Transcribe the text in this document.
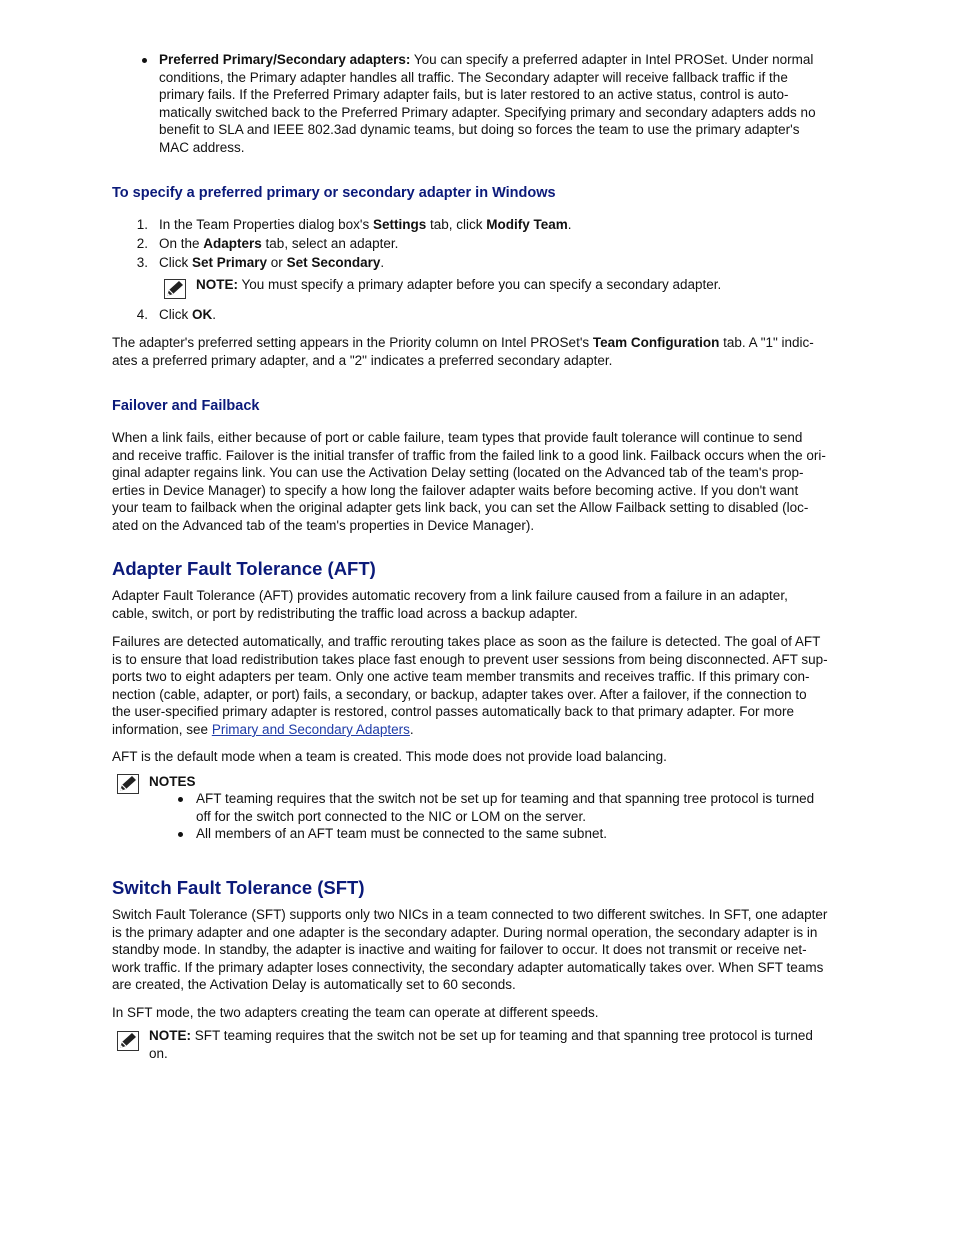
Preferred Primary/Secondary adapters: You can specify a preferred adapter in Intel PROSet. Under normal
conditions, the Primary adapter handles all traffic. The Secondary adapter will receive fallback traffic if the
primary fails. If the Preferred Primary adapter fails, but is later restored to an active status, control is auto-
matically switched back to the Preferred Primary adapter. Specifying primary and secondary adapters adds no
benefit to SLA and IEEE 802.3ad dynamic teams, but doing so forces the team to use the primary adapter's
MAC address.
To specify a preferred primary or secondary adapter in Windows
1. In the Team Properties dialog box's Settings tab, click Modify Team.
2. On the Adapters tab, select an adapter.
3. Click Set Primary or Set Secondary.
NOTE: You must specify a primary adapter before you can specify a secondary adapter.
4. Click OK.
The adapter's preferred setting appears in the Priority column on Intel PROSet's Team Configuration tab. A "1" indic-
ates a preferred primary adapter, and a "2" indicates a preferred secondary adapter.
Failover and Failback
When a link fails, either because of port or cable failure, team types that provide fault tolerance will continue to send
and receive traffic. Failover is the initial transfer of traffic from the failed link to a good link. Failback occurs when the ori-
ginal adapter regains link. You can use the Activation Delay setting (located on the Advanced tab of the team's prop-
erties in Device Manager) to specify a how long the failover adapter waits before becoming active. If you don't want
your team to failback when the original adapter gets link back, you can set the Allow Failback setting to disabled (loc-
ated on the Advanced tab of the team's properties in Device Manager).
Adapter Fault Tolerance (AFT)
Adapter Fault Tolerance (AFT) provides automatic recovery from a link failure caused from a failure in an adapter,
cable, switch, or port by redistributing the traffic load across a backup adapter.
Failures are detected automatically, and traffic rerouting takes place as soon as the failure is detected. The goal of AFT
is to ensure that load redistribution takes place fast enough to prevent user sessions from being disconnected. AFT sup-
ports two to eight adapters per team. Only one active team member transmits and receives traffic. If this primary con-
nection (cable, adapter, or port) fails, a secondary, or backup, adapter takes over. After a failover, if the connection to
the user-specified primary adapter is restored, control passes automatically back to that primary adapter. For more
information, see Primary and Secondary Adapters.
AFT is the default mode when a team is created. This mode does not provide load balancing.
NOTES
AFT teaming requires that the switch not be set up for teaming and that spanning tree protocol is turned
off for the switch port connected to the NIC or LOM on the server.
All members of an AFT team must be connected to the same subnet.
Switch Fault Tolerance (SFT)
Switch Fault Tolerance (SFT) supports only two NICs in a team connected to two different switches. In SFT, one adapter
is the primary adapter and one adapter is the secondary adapter. During normal operation, the secondary adapter is in
standby mode. In standby, the adapter is inactive and waiting for failover to occur. It does not transmit or receive net-
work traffic. If the primary adapter loses connectivity, the secondary adapter automatically takes over. When SFT teams
are created, the Activation Delay is automatically set to 60 seconds.
In SFT mode, the two adapters creating the team can operate at different speeds.
NOTE: SFT teaming requires that the switch not be set up for teaming and that spanning tree protocol is turned
on.
